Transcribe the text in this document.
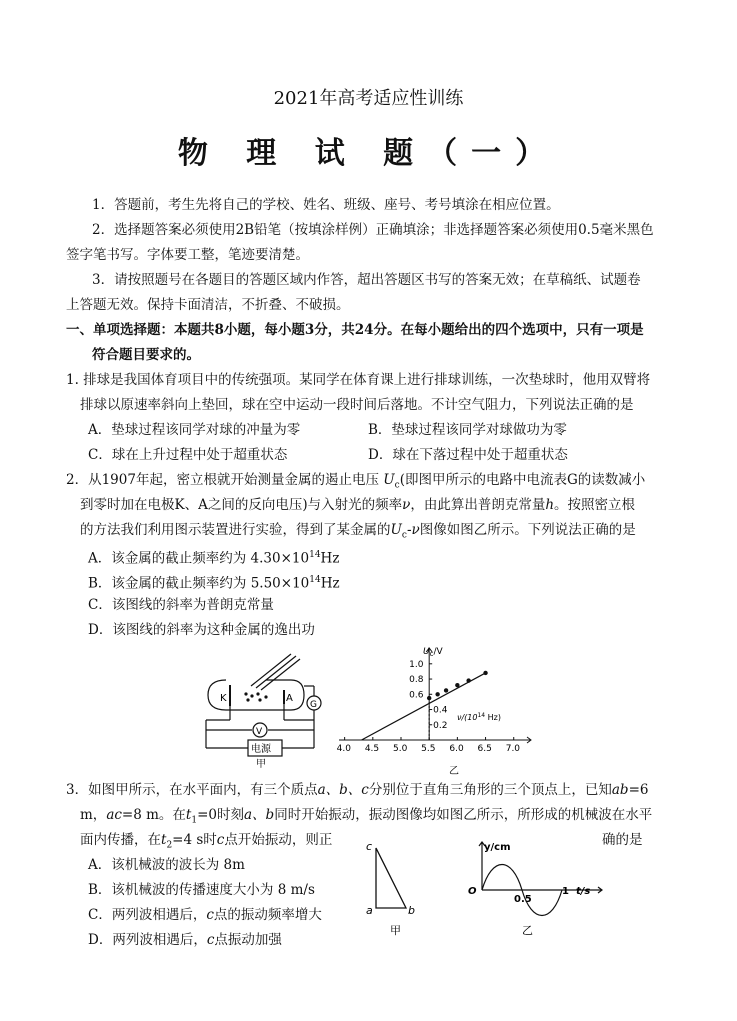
2021年高考适应性训练
物 理 试 题（一）
1．答题前，考生先将自己的学校、姓名、班级、座号、考号填涂在相应位置。
2．选择题答案必须使用2B铅笔（按填涂样例）正确填涂；非选择题答案必须使用0.5毫米黑色
签字笔书写。字体要工整，笔迹要清楚。
3．请按照题号在各题目的答题区域内作答，超出答题区书写的答案无效；在草稿纸、试题卷
上答题无效。保持卡面清洁，不折叠、不破损。
一、单项选择题：本题共8小题，每小题3分，共24分。在每小题给出的四个选项中，只有一项是
符合题目要求的。
1. 排球是我国体育项目中的传统强项。某同学在体育课上进行排球训练，一次垫球时，他用双臂将
排球以原速率斜向上垫回，球在空中运动一段时间后落地。不计空气阻力，下列说法正确的是
A．垫球过程该同学对球的冲量为零	B．垫球过程该同学对球做功为零
C．球在上升过程中处于超重状态	D．球在下落过程中处于超重状态
2．从1907年起，密立根就开始测量金属的遏止电压 $U_c$(即图甲所示的电路中电流表G的读数减小
到零时加在电极K、A之间的反向电压)与入射光的频率ν，由此算出普朗克常量h。按照密立根
的方法我们利用图示装置进行实验，得到了某金属的$U_c-\nu$图像如图乙所示。下列说法正确的是
A．该金属的截止频率约为 $4.30\times 10^{14}Hz$
B．该金属的截止频率约为 $5.50\times 10^{14}Hz$
C．该图线的斜率为普朗克常量
D．该图线的斜率为这种金属的逸出功
K	A
V
G
电源
甲
4.0 4.5 5.0 5.5 6.0 6.5 7.0
0.2
0.4
0.6
0.8
1.0
$U_c/V$
$\nu/(10^{14}$ Hz)
乙
3．如图甲所示，在水平面内，有三个质点a、b、c分别位于直角三角形的三个顶点上，已知ab=6
m，ac=8 m。在$t_1=0$时刻a、b同时开始振动，振动图像均如图乙所示，所形成的机械波在水平
面内传播，在$t_2=4$ s时c点开始振动，则正	确的是
A．该机械波的波长为 8m
B．该机械波的传播速度大小为 8 m/s
C．两列波相遇后，c点的振动频率增大
D．两列波相遇后，c点振动加强
c
a	b
甲
y/cm
O
0.5
1 t/s
乙
